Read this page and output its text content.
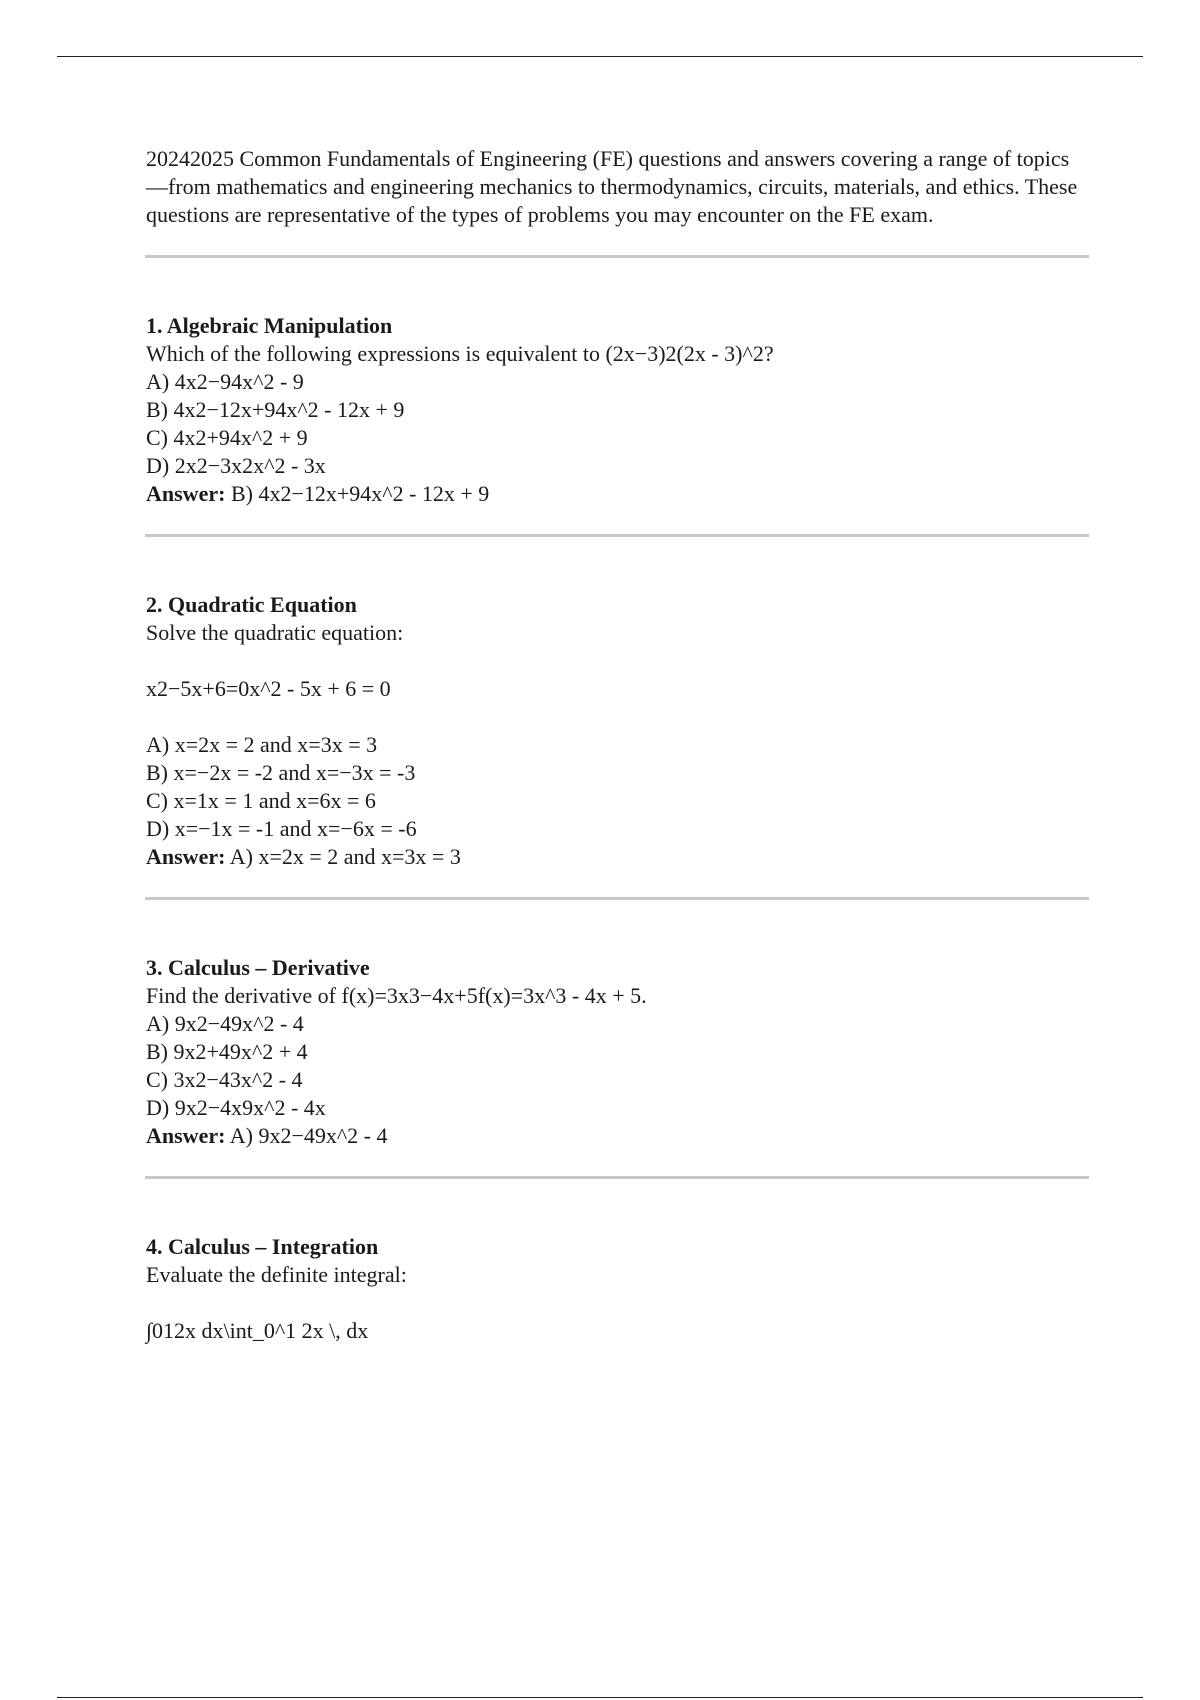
20242025 Common Fundamentals of Engineering (FE) questions and answers covering a range of topics—from mathematics and engineering mechanics to thermodynamics, circuits, materials, and ethics. These questions are representative of the types of problems you may encounter on the FE exam.

1. Algebraic Manipulation

Which of the following expressions is equivalent to (2x−3)2(2x - 3)^2?

A) 4x2−94x^2 - 9

B) 4x2−12x+94x^2 - 12x + 9

C) 4x2+94x^2 + 9

D) 2x2−3x2x^2 - 3x

Answer: B) 4x2−12x+94x^2 - 12x + 9

2. Quadratic Equation

Solve the quadratic equation:

x2−5x+6=0x^2 - 5x + 6 = 0

A) x=2x = 2 and x=3x = 3

B) x=−2x = -2 and x=−3x = -3

C) x=1x = 1 and x=6x = 6

D) x=−1x = -1 and x=−6x = -6

Answer: A) x=2x = 2 and x=3x = 3

3. Calculus – Derivative

Find the derivative of f(x)=3x3−4x+5f(x)=3x^3 - 4x + 5.

A) 9x2−49x^2 - 4

B) 9x2+49x^2 + 4

C) 3x2−43x^2 - 4

D) 9x2−4x9x^2 - 4x

Answer: A) 9x2−49x^2 - 4

4. Calculus – Integration

Evaluate the definite integral:

∫012x dx\int_0^1 2x \, dx
